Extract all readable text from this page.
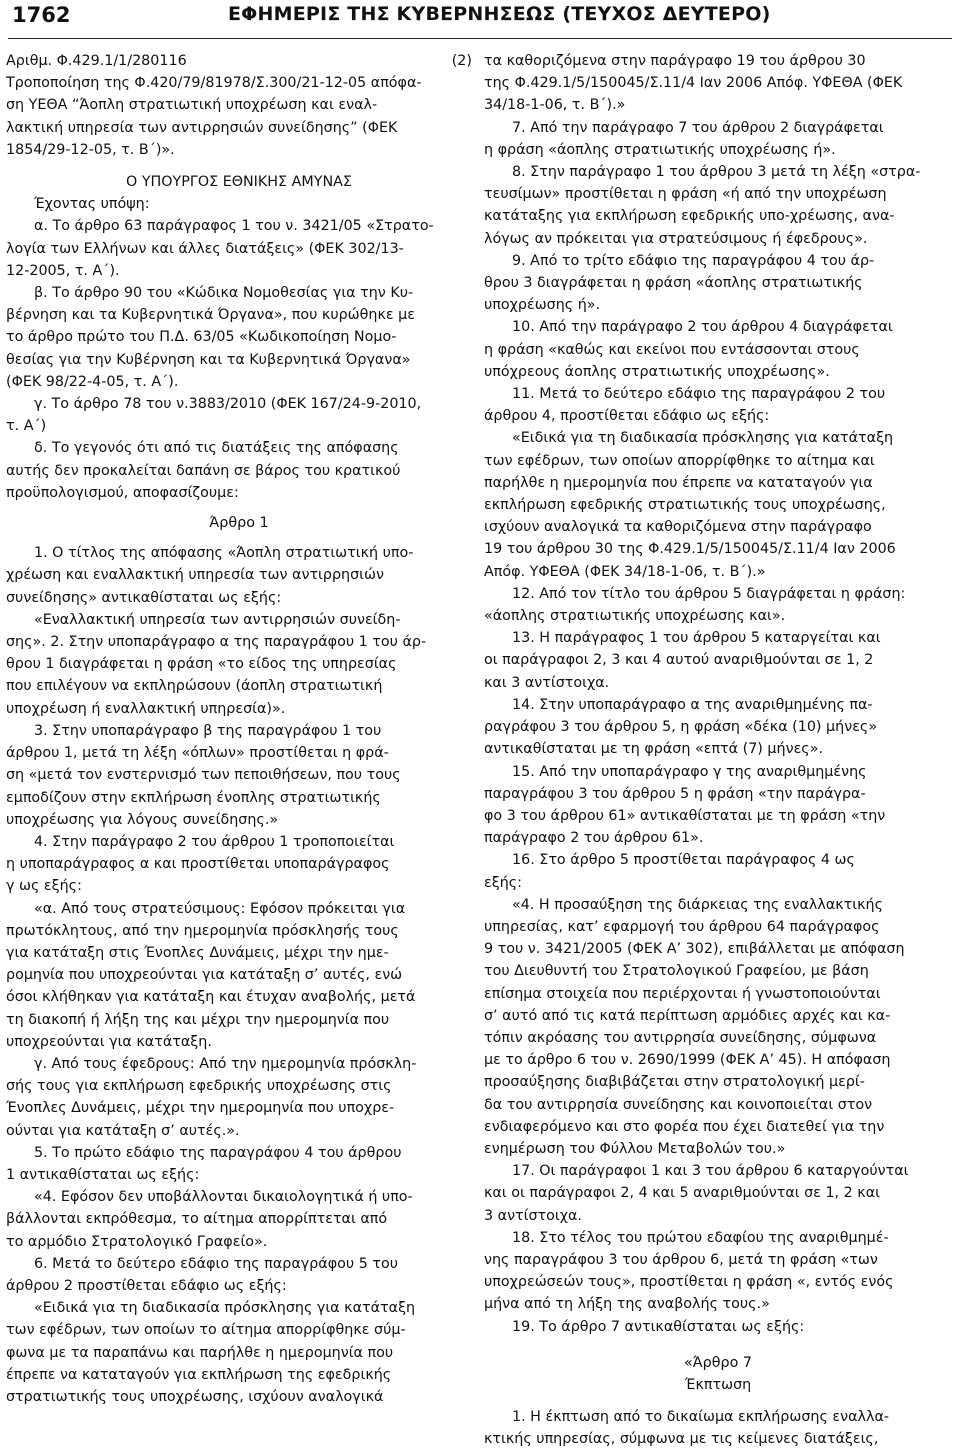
1762	ΕΦΗΜΕΡΙΣ ΤΗΣ ΚΥΒΕΡΝΗΣΕΩΣ (ΤΕΥΧΟΣ ΔΕΥΤΕΡΟ)
Αριθμ. Φ.429.1/1/280116	(2)
Τροποποίηση της Φ.420/79/81978/Σ.300/21-12-05 απόφα-
ση ΥΕΘΑ “Άοπλη στρατιωτική υποχρέωση και εναλ-
λακτική υπηρεσία των αντιρρησιών συνείδησης” (ΦΕΚ
1854/29-12-05, τ. Β΄)».
Ο ΥΠΟΥΡΓΟΣ ΕΘΝΙΚΗΣ ΑΜΥΝΑΣ
Έχοντας υπόψη:
α. Το άρθρο 63 παράγραφος 1 του ν. 3421/05 «Στρατο-
λογία των Ελλήνων και άλλες διατάξεις» (ΦΕΚ 302/13-
12-2005, τ. Α΄).
β. Το άρθρο 90 του «Κώδικα Νομοθεσίας για την Κυ-
βέρνηση και τα Κυβερνητικά Όργανα», που κυρώθηκε με
το άρθρο πρώτο του Π.Δ. 63/05 «Κωδικοποίηση Νομο-
θεσίας για την Κυβέρνηση και τα Κυβερνητικά Όργανα»
(ΦΕΚ 98/22-4-05, τ. Α΄).
γ. Το άρθρο 78 του ν.3883/2010 (ΦΕΚ 167/24-9-2010,
τ. Α΄)
δ. Το γεγονός ότι από τις διατάξεις της απόφασης
αυτής δεν προκαλείται δαπάνη σε βάρος του κρατικού
προϋπολογισμού, αποφασίζουμε:
Άρθρο 1
1. Ο τίτλος της απόφασης «Άοπλη στρατιωτική υπο-
χρέωση και εναλλακτική υπηρεσία των αντιρρησιών
συνείδησης» αντικαθίσταται ως εξής:
«Εναλλακτική υπηρεσία των αντιρρησιών συνείδη-
σης». 2. Στην υποπαράγραφο α της παραγράφου 1 του άρ-
θρου 1 διαγράφεται η φράση «το είδος της υπηρεσίας
που επιλέγουν να εκπληρώσουν (άοπλη στρατιωτική
υποχρέωση ή εναλλακτική υπηρεσία)».
3. Στην υποπαράγραφο β της παραγράφου 1 του
άρθρου 1, μετά τη λέξη «όπλων» προστίθεται η φρά-
ση «μετά τον ενστερνισμό των πεποιθήσεων, που τους
εμποδίζουν στην εκπλήρωση ένοπλης στρατιωτικής
υποχρέωσης για λόγους συνείδησης.»
4. Στην παράγραφο 2 του άρθρου 1 τροποποιείται
η υποπαράγραφος α και προστίθεται υποπαράγραφος
γ ως εξής:
«α. Από τους στρατεύσιμους: Εφόσον πρόκειται για
πρωτόκλητους, από την ημερομηνία πρόσκλησής τους
για κατάταξη στις Ένοπλες Δυνάμεις, μέχρι την ημε-
ρομηνία που υποχρεούνται για κατάταξη σ’ αυτές, ενώ
όσοι κλήθηκαν για κατάταξη και έτυχαν αναβολής, μετά
τη διακοπή ή λήξη της και μέχρι την ημερομηνία που
υποχρεούνται για κατάταξη.
γ. Από τους έφεδρους: Από την ημερομηνία πρόσκλη-
σής τους για εκπλήρωση εφεδρικής υποχρέωσης στις
Ένοπλες Δυνάμεις, μέχρι την ημερομηνία που υποχρε-
ούνται για κατάταξη σ’ αυτές.».
5. Το πρώτο εδάφιο της παραγράφου 4 του άρθρου
1 αντικαθίσταται ως εξής:
«4. Εφόσον δεν υποβάλλονται δικαιολογητικά ή υπο-
βάλλονται εκπρόθεσμα, το αίτημα απορρίπτεται από
το αρμόδιο Στρατολογικό Γραφείο».
6. Μετά το δεύτερο εδάφιο της παραγράφου 5 του
άρθρου 2 προστίθεται εδάφιο ως εξής:
«Ειδικά για τη διαδικασία πρόσκλησης για κατάταξη
των εφέδρων, των οποίων το αίτημα απορρίφθηκε σύμ-
φωνα με τα παραπάνω και παρήλθε η ημερομηνία που
έπρεπε να καταταγούν για εκπλήρωση της εφεδρικής
στρατιωτικής τους υποχρέωσης, ισχύουν αναλογικά
τα καθοριζόμενα στην παράγραφο 19 του άρθρου 30
της Φ.429.1/5/150045/Σ.11/4 Ιαν 2006 Απόφ. ΥΦΕΘΑ (ΦΕΚ
34/18-1-06, τ. Β΄).»
7. Από την παράγραφο 7 του άρθρου 2 διαγράφεται
η φράση «άοπλης στρατιωτικής υποχρέωσης ή».
8. Στην παράγραφο 1 του άρθρου 3 μετά τη λέξη «στρα-
τευσίμων» προστίθεται η φράση «ή από την υποχρέωση
κατάταξης για εκπλήρωση εφεδρικής υπο-χρέωσης, ανα-
λόγως αν πρόκειται για στρατεύσιμους ή έφεδρους».
9. Από το τρίτο εδάφιο της παραγράφου 4 του άρ-
θρου 3 διαγράφεται η φράση «άοπλης στρατιωτικής
υποχρέωσης ή».
10. Από την παράγραφο 2 του άρθρου 4 διαγράφεται
η φράση «καθώς και εκείνοι που εντάσσονται στους
υπόχρεους άοπλης στρατιωτικής υποχρέωσης».
11. Μετά το δεύτερο εδάφιο της παραγράφου 2 του
άρθρου 4, προστίθεται εδάφιο ως εξής:
«Ειδικά για τη διαδικασία πρόσκλησης για κατάταξη
των εφέδρων, των οποίων απορρίφθηκε το αίτημα και
παρήλθε η ημερομηνία που έπρεπε να καταταγούν για
εκπλήρωση εφεδρικής στρατιωτικής τους υποχρέωσης,
ισχύουν αναλογικά τα καθοριζόμενα στην παράγραφο
19 του άρθρου 30 της Φ.429.1/5/150045/Σ.11/4 Ιαν 2006
Απόφ. ΥΦΕΘΑ (ΦΕΚ 34/18-1-06, τ. Β΄).»
12. Από τον τίτλο του άρθρου 5 διαγράφεται η φράση:
«άοπλης στρατιωτικής υποχρέωσης και».
13. Η παράγραφος 1 του άρθρου 5 καταργείται και
οι παράγραφοι 2, 3 και 4 αυτού αναριθμούνται σε 1, 2
και 3 αντίστοιχα.
14. Στην υποπαράγραφο α της αναριθμημένης πα-
ραγράφου 3 του άρθρου 5, η φράση «δέκα (10) μήνες»
αντικαθίσταται με τη φράση «επτά (7) μήνες».
15. Από την υποπαράγραφο γ της αναριθμημένης
παραγράφου 3 του άρθρου 5 η φράση «την παράγρα-
φο 3 του άρθρου 61» αντικαθίσταται με τη φράση «την
παράγραφο 2 του άρθρου 61».
16. Στο άρθρο 5 προστίθεται παράγραφος 4 ως
εξής:
«4. Η προσαύξηση της διάρκειας της εναλλακτικής
υπηρεσίας, κατ’ εφαρμογή του άρθρου 64 παράγραφος
9 του ν. 3421/2005 (ΦΕΚ Α’ 302), επιβάλλεται με απόφαση
του Διευθυντή του Στρατολογικού Γραφείου, με βάση
επίσημα στοιχεία που περιέρχονται ή γνωστοποιούνται
σ’ αυτό από τις κατά περίπτωση αρμόδιες αρχές και κα-
τόπιν ακρόασης του αντιρρησία συνείδησης, σύμφωνα
με το άρθρο 6 του ν. 2690/1999 (ΦΕΚ Α’ 45). Η απόφαση
προσαύξησης διαβιβάζεται στην στρατολογική μερί-
δα του αντιρρησία συνείδησης και κοινοποιείται στον
ενδιαφερόμενο και στο φορέα που έχει διατεθεί για την
ενημέρωση του Φύλλου Μεταβολών του.»
17. Οι παράγραφοι 1 και 3 του άρθρου 6 καταργούνται
και οι παράγραφοι 2, 4 και 5 αναριθμούνται σε 1, 2 και
3 αντίστοιχα.
18. Στο τέλος του πρώτου εδαφίου της αναριθμημέ-
νης παραγράφου 3 του άρθρου 6, μετά τη φράση «των
υποχρεώσεών τους», προστίθεται η φράση «, εντός ενός
μήνα από τη λήξη της αναβολής τους.»
19. Το άρθρο 7 αντικαθίσταται ως εξής:
«Άρθρο 7
Έκπτωση
1. Η έκπτωση από το δικαίωμα εκπλήρωσης εναλλα-
κτικής υπηρεσίας, σύμφωνα με τις κείμενες διατάξεις,
